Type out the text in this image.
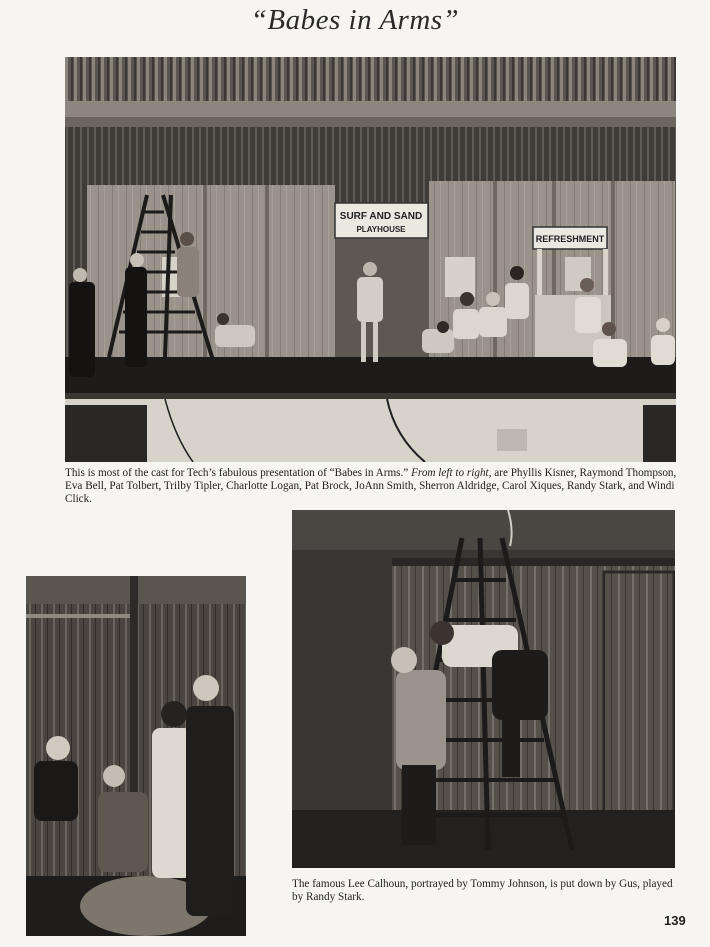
“Babes in Arms”
SURF AND SAND
PLAYHOUSE
REFRESHMENT
This is most of the cast for Tech’s fabulous presentation of “Babes in Arms.” From left to right, are Phyllis Kisner, Raymond Thompson, Eva Bell, Pat Tolbert, Trilby Tipler, Charlotte Logan, Pat Brock, JoAnn Smith, Sherron Aldridge, Carol Xiques, Randy Stark, and Windi Click.
The famous Lee Calhoun, portrayed by Tommy Johnson, is put down by Gus, played by Randy Stark.
139
